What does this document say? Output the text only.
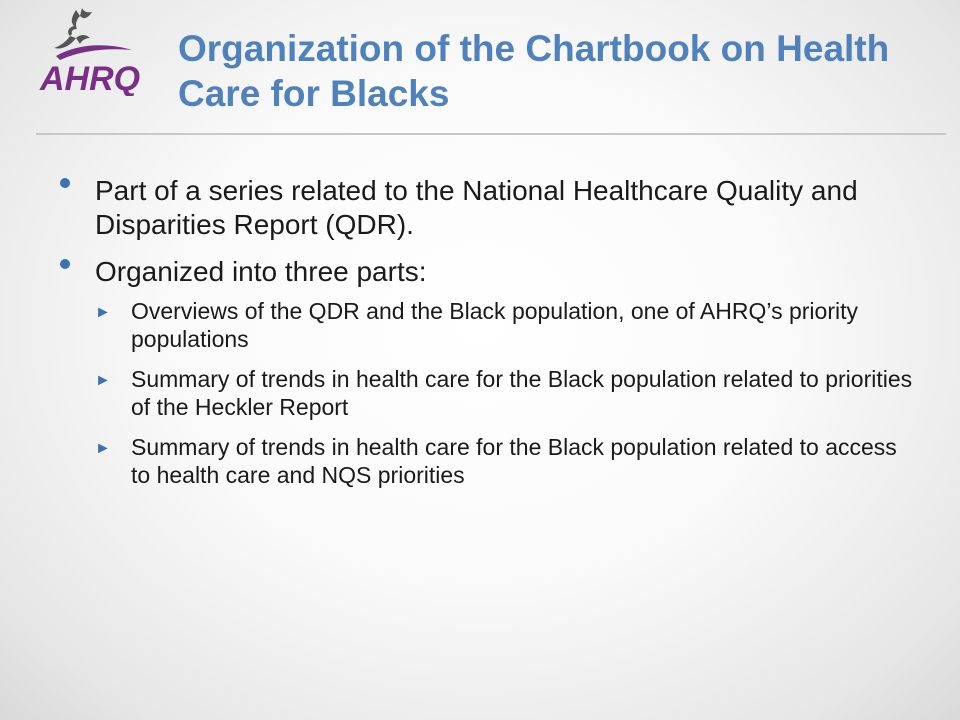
AHRQ
Organization of the Chartbook on Health Care for Blacks
Part of a series related to the National Healthcare Quality and Disparities Report (QDR).
Organized into three parts:
► Overviews of the QDR and the Black population, one of AHRQ’s priority populations
► Summary of trends in health care for the Black population related to priorities of the Heckler Report
► Summary of trends in health care for the Black population related to access to health care and NQS priorities
